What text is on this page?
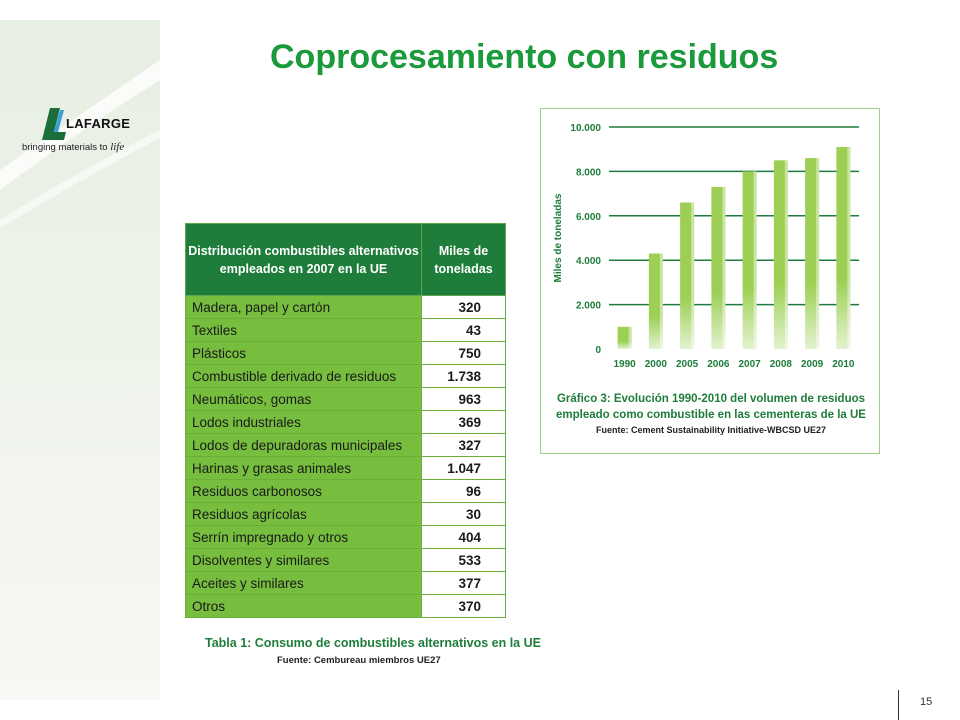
LAFARGE
bringing materials to life
Coprocesamiento con residuos
Distribución combustibles alternativos empleados en 2007 en la UE	Miles de toneladas
Madera, papel y cartón	320
Textiles	43
Plásticos	750
Combustible derivado de residuos	1.738
Neumáticos, gomas	963
Lodos industriales	369
Lodos de depuradoras municipales	327
Harinas y grasas animales	1.047
Residuos carbonosos	96
Residuos agrícolas	30
Serrín impregnado y otros	404
Disolventes y similares	533
Aceites y similares	377
Otros	370
Tabla 1: Consumo de combustibles alternativos en la UE
Fuente: Cembureau miembros UE27
0
2.000
4.000
6.000
8.000
10.000
Miles de toneladas
1990 2000 2005 2006 2007 2008 2009 2010
Gráfico 3: Evolución 1990-2010 del volumen de residuos
empleado como combustible en las cementeras de la UE
Fuente: Cement Sustainability Initiative-WBCSD UE27
15
